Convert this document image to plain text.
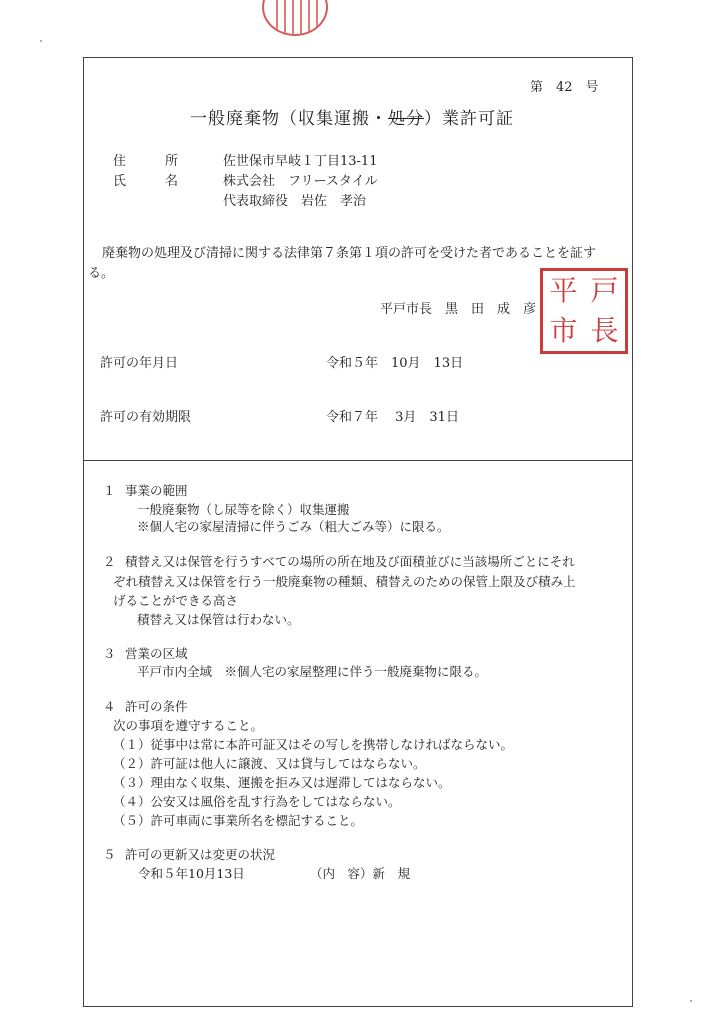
第　42　号
一般廃棄物（収集運搬・処分）業許可証
住　　　所	佐世保市早岐１丁目13-11
氏　　　名	株式会社　フリースタイル
代表取締役　岩佐　孝治
廃棄物の処理及び清掃に関する法律第７条第１項の許可を受けた者であることを証す
る。
平戸市長　黒　田　成　彦
平 戸
市 長
許可の年月日	令和５年　10月　13日
許可の有効期限	令和７年　 3月　31日
１ 事業の範囲
一般廃棄物（し尿等を除く）収集運搬
※個人宅の家屋清掃に伴うごみ（粗大ごみ等）に限る。
２ 積替え又は保管を行うすべての場所の所在地及び面積並びに当該場所ごとにそれ
ぞれ積替え又は保管を行う一般廃棄物の種類、積替えのための保管上限及び積み上
げることができる高さ
積替え又は保管は行わない。
３ 営業の区域
平戸市内全域　※個人宅の家屋整理に伴う一般廃棄物に限る。
４ 許可の条件
次の事項を遵守すること。
（１）従事中は常に本許可証又はその写しを携帯しなければならない。
（２）許可証は他人に譲渡、又は貸与してはならない。
（３）理由なく収集、運搬を拒み又は遅滞してはならない。
（４）公安又は風俗を乱す行為をしてはならない。
（５）許可車両に事業所名を標記すること。
５ 許可の更新又は変更の状況
令和５年10月13日	（内　容）新　規
